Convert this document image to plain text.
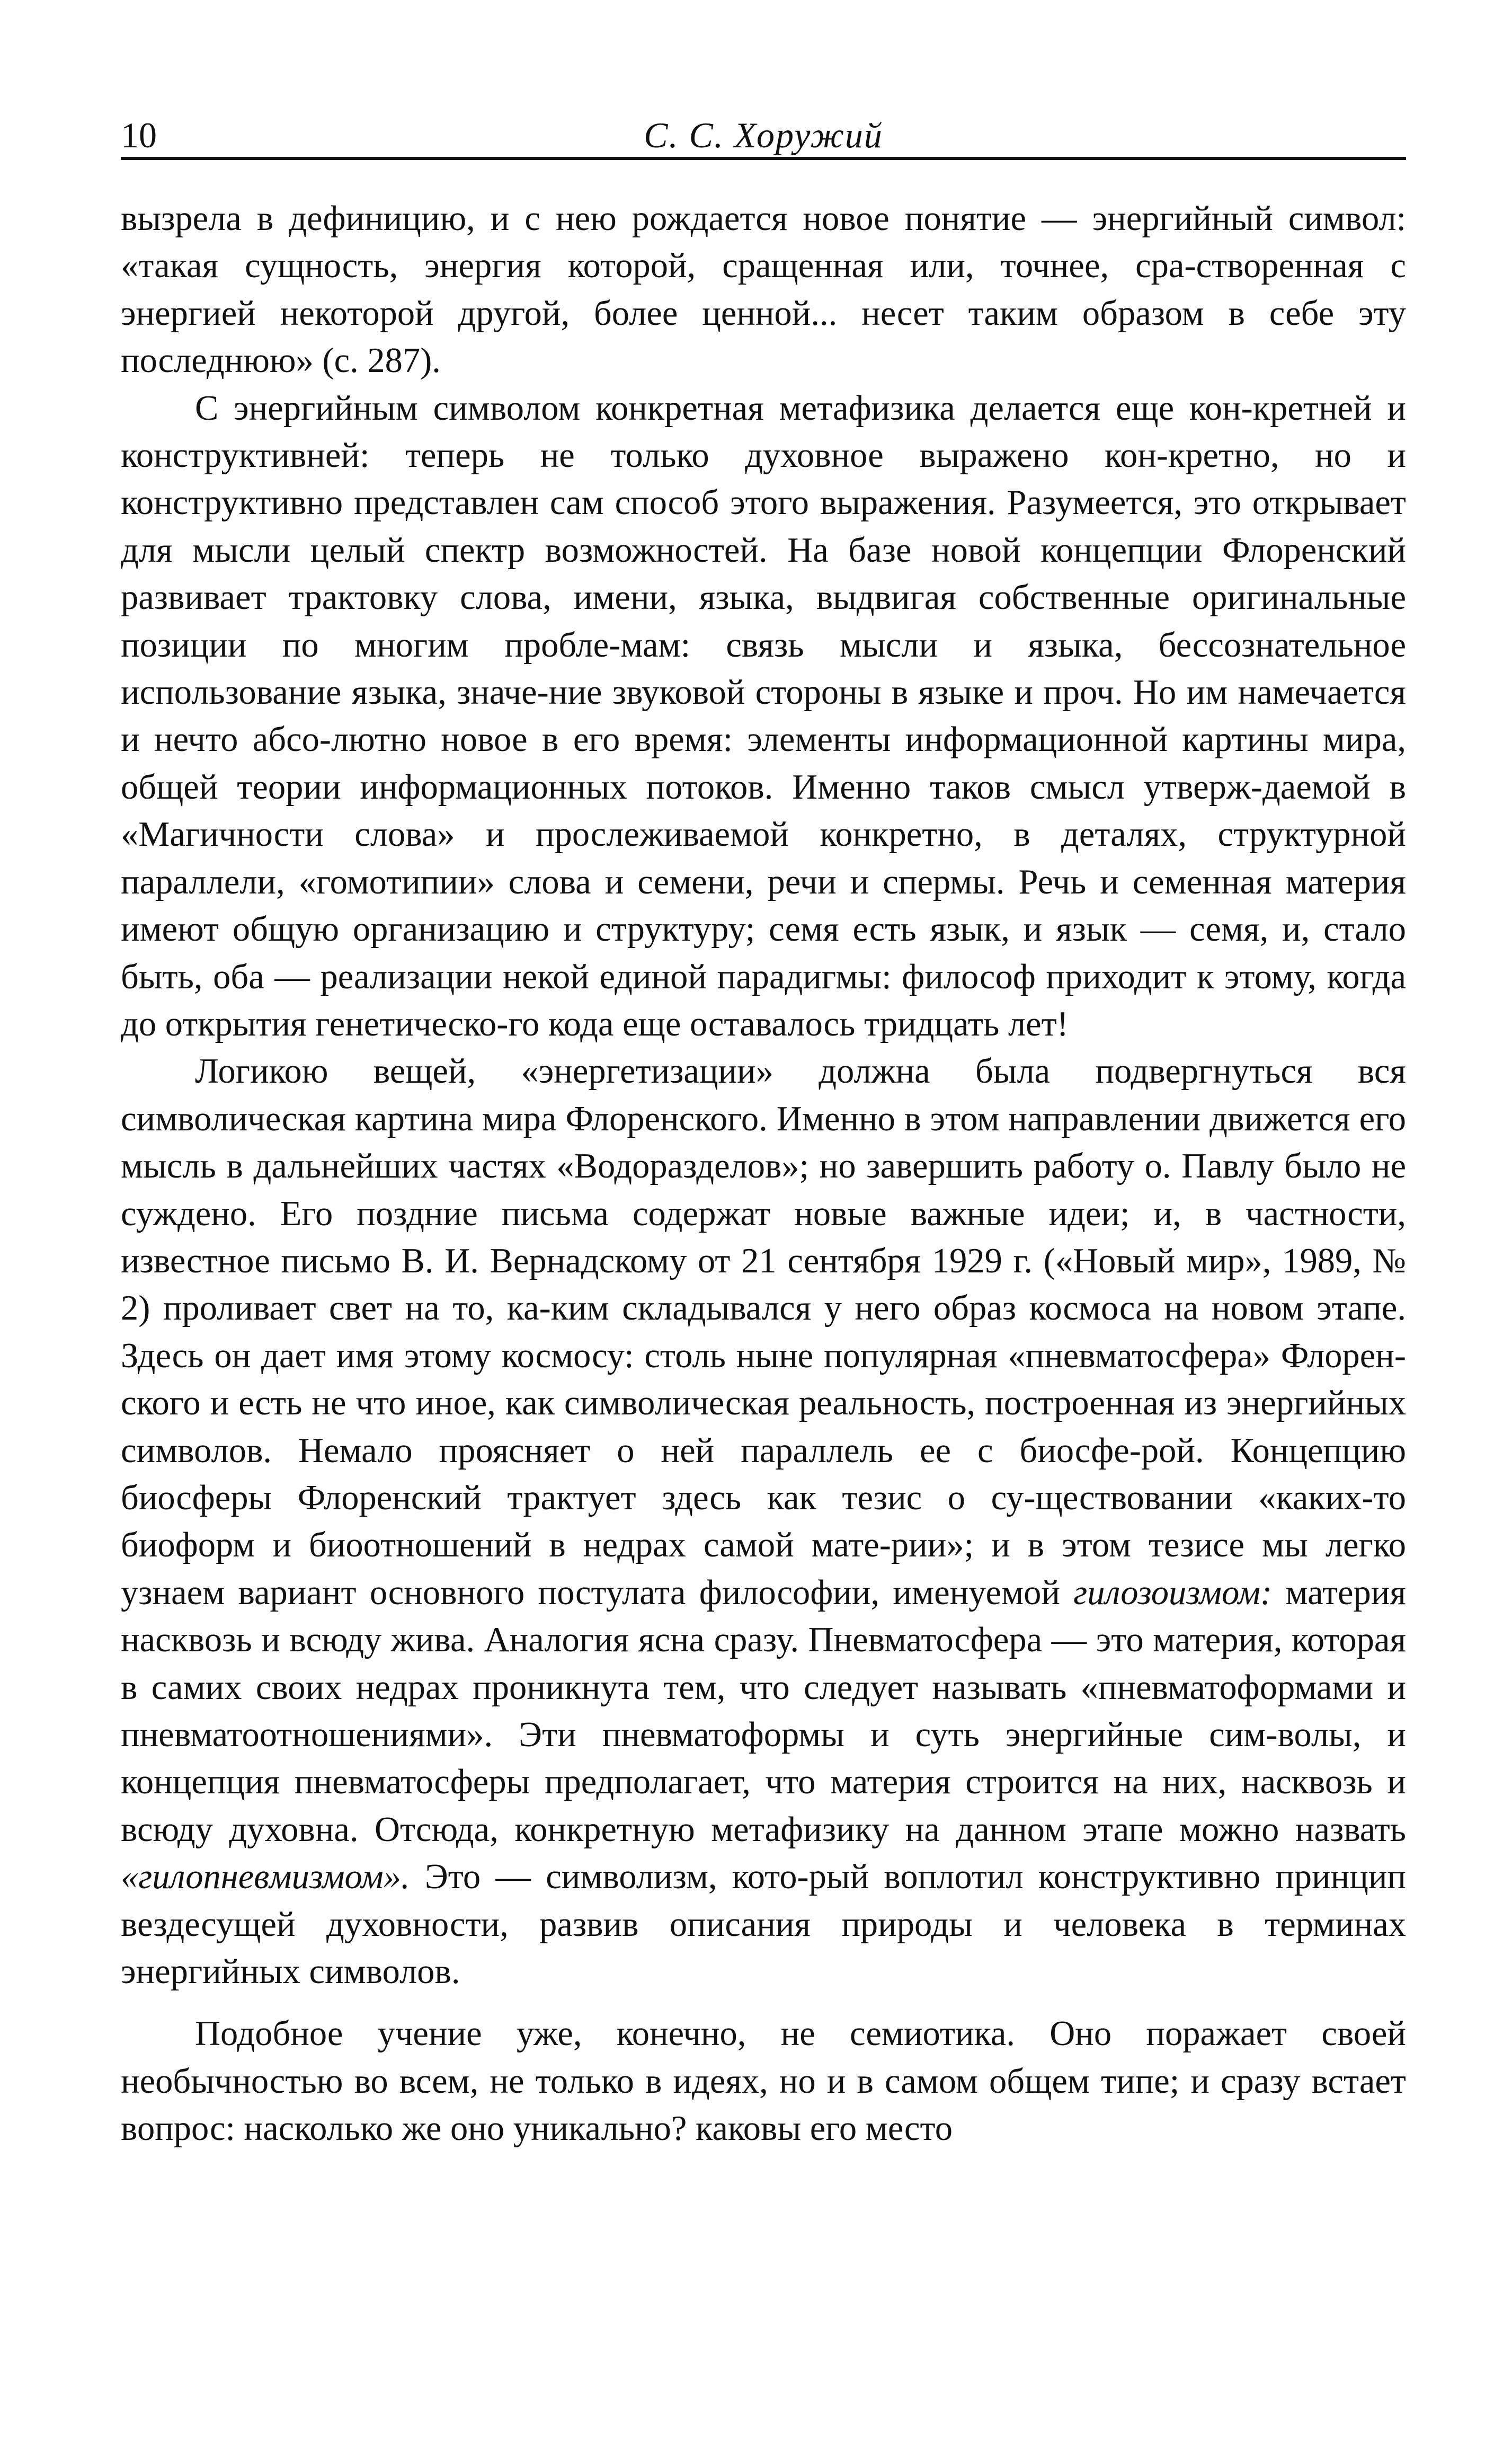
10	С. С. Хоружий

вызрела в дефиницию, и с нею рождается новое понятие — энергийный символ: «такая сущность, энергия которой, сращенная или, точнее, сра-створенная с энергией некоторой другой, более ценной... несет таким образом в себе эту последнюю» (с. 287).

С энергийным символом конкретная метафизика делается еще кон-кретней и конструктивней: теперь не только духовное выражено кон-кретно, но и конструктивно представлен сам способ этого выражения. Разумеется, это открывает для мысли целый спектр возможностей. На базе новой концепции Флоренский развивает трактовку слова, имени, языка, выдвигая собственные оригинальные позиции по многим пробле-мам: связь мысли и языка, бессознательное использование языка, значе-ние звуковой стороны в языке и проч. Но им намечается и нечто абсо-лютно новое в его время: элементы информационной картины мира, общей теории информационных потоков. Именно таков смысл утверж-даемой в «Магичности слова» и прослеживаемой конкретно, в деталях, структурной параллели, «гомотипии» слова и семени, речи и спермы. Речь и семенная материя имеют общую организацию и структуру; семя есть язык, и язык — семя, и, стало быть, оба — реализации некой единой парадигмы: философ приходит к этому, когда до открытия генетическо-го кода еще оставалось тридцать лет!

Логикою вещей, «энергетизации» должна была подвергнуться вся символическая картина мира Флоренского. Именно в этом направлении движется его мысль в дальнейших частях «Водоразделов»; но завершить работу о. Павлу было не суждено. Его поздние письма содержат новые важные идеи; и, в частности, известное письмо В. И. Вернадскому от 21 сентября 1929 г. («Новый мир», 1989, № 2) проливает свет на то, ка-ким складывался у него образ космоса на новом этапе. Здесь он дает имя этому космосу: столь ныне популярная «пневматосфера» Флорен-ского и есть не что иное, как символическая реальность, построенная из энергийных символов. Немало проясняет о ней параллель ее с биосфе-рой. Концепцию биосферы Флоренский трактует здесь как тезис о су-ществовании «каких-то биоформ и биоотношений в недрах самой мате-рии»; и в этом тезисе мы легко узнаем вариант основного постулата философии, именуемой гилозоизмом: материя насквозь и всюду жива. Аналогия ясна сразу. Пневматосфера — это материя, которая в самих своих недрах проникнута тем, что следует называть «пневматоформами и пневматоотношениями». Эти пневматоформы и суть энергийные сим-волы, и концепция пневматосферы предполагает, что материя строится на них, насквозь и всюду духовна. Отсюда, конкретную метафизику на данном этапе можно назвать «гилопневмизмом». Это — символизм, кото-рый воплотил конструктивно принцип вездесущей духовности, развив описания природы и человека в терминах энергийных символов.

Подобное учение уже, конечно, не семиотика. Оно поражает своей необычностью во всем, не только в идеях, но и в самом общем типе; и сразу встает вопрос: насколько же оно уникально? каковы его место
